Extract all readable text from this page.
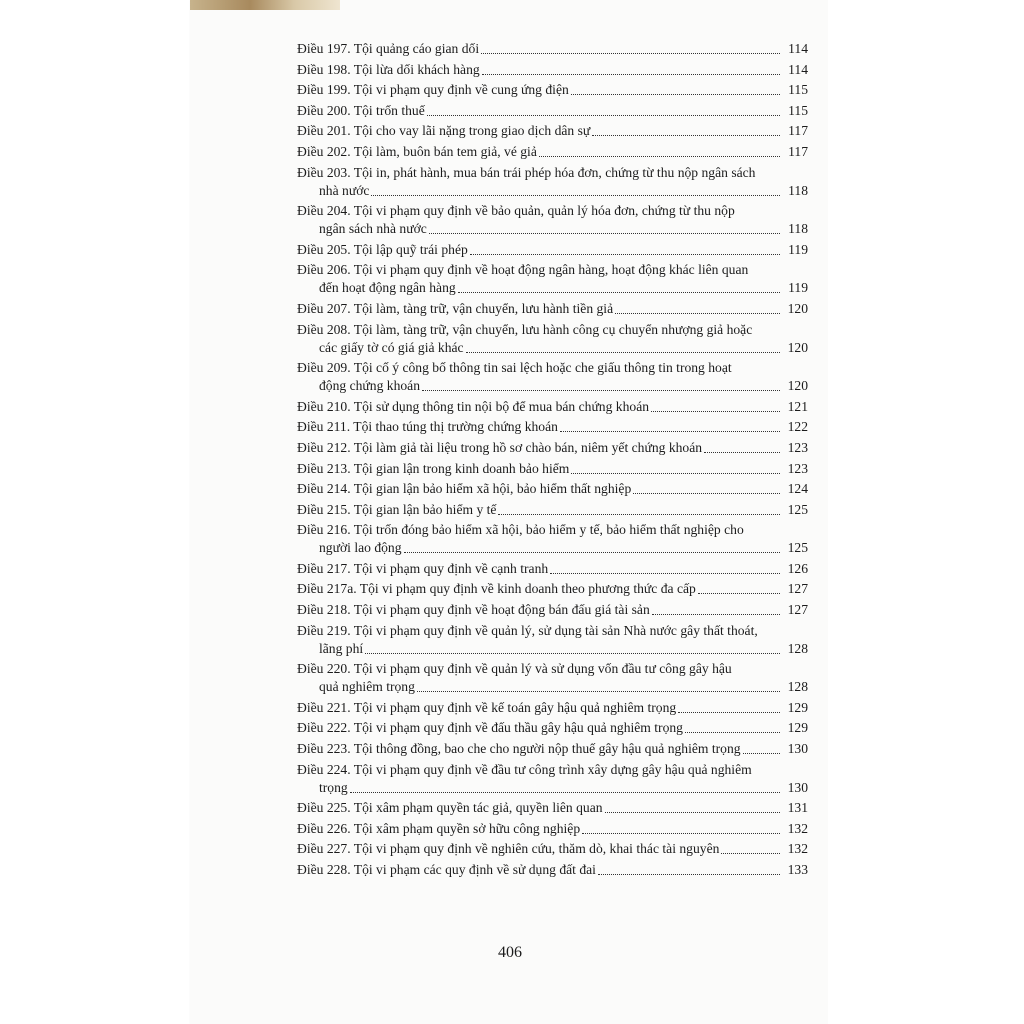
Điều 197. Tội quảng cáo gian dối	114
Điều 198. Tội lừa dối khách hàng	114
Điều 199. Tội vi phạm quy định về cung ứng điện	115
Điều 200. Tội trốn thuế	115
Điều 201. Tội cho vay lãi nặng trong giao dịch dân sự	117
Điều 202. Tội làm, buôn bán tem giả, vé giả	117
Điều 203. Tội in, phát hành, mua bán trái phép hóa đơn, chứng từ thu nộp ngân sách
nhà nước	118
Điều 204. Tội vi phạm quy định về bảo quản, quản lý hóa đơn, chứng từ thu nộp
ngân sách nhà nước	118
Điều 205. Tội lập quỹ trái phép	119
Điều 206. Tội vi phạm quy định về hoạt động ngân hàng, hoạt động khác liên quan
đến hoạt động ngân hàng	119
Điều 207. Tội làm, tàng trữ, vận chuyển, lưu hành tiền giả	120
Điều 208. Tội làm, tàng trữ, vận chuyển, lưu hành công cụ chuyển nhượng giả hoặc
các giấy tờ có giá giả khác	120
Điều 209. Tội cố ý công bố thông tin sai lệch hoặc che giấu thông tin trong hoạt
động chứng khoán	120
Điều 210. Tội sử dụng thông tin nội bộ để mua bán chứng khoán	121
Điều 211. Tội thao túng thị trường chứng khoán	122
Điều 212. Tội làm giả tài liệu trong hồ sơ chào bán, niêm yết chứng khoán	123
Điều 213. Tội gian lận trong kinh doanh bảo hiểm	123
Điều 214. Tội gian lận bảo hiểm xã hội, bảo hiểm thất nghiệp	124
Điều 215. Tội gian lận bảo hiểm y tế	125
Điều 216. Tội trốn đóng bảo hiểm xã hội, bảo hiểm y tế, bảo hiểm thất nghiệp cho
người lao động	125
Điều 217. Tội vi phạm quy định về cạnh tranh	126
Điều 217a. Tội vi phạm quy định về kinh doanh theo phương thức đa cấp	127
Điều 218. Tội vi phạm quy định về hoạt động bán đấu giá tài sản	127
Điều 219. Tội vi phạm quy định về quản lý, sử dụng tài sản Nhà nước gây thất thoát,
lãng phí	128
Điều 220. Tội vi phạm quy định về quản lý và sử dụng vốn đầu tư công gây hậu
quả nghiêm trọng	128
Điều 221. Tội vi phạm quy định về kế toán gây hậu quả nghiêm trọng	129
Điều 222. Tội vi phạm quy định về đấu thầu gây hậu quả nghiêm trọng	129
Điều 223. Tội thông đồng, bao che cho người nộp thuế gây hậu quả nghiêm trọng	130
Điều 224. Tội vi phạm quy định về đầu tư công trình xây dựng gây hậu quả nghiêm
trọng	130
Điều 225. Tội xâm phạm quyền tác giả, quyền liên quan	131
Điều 226. Tội xâm phạm quyền sở hữu công nghiệp	132
Điều 227. Tội vi phạm quy định về nghiên cứu, thăm dò, khai thác tài nguyên	132
Điều 228. Tội vi phạm các quy định về sử dụng đất đai	133
406
